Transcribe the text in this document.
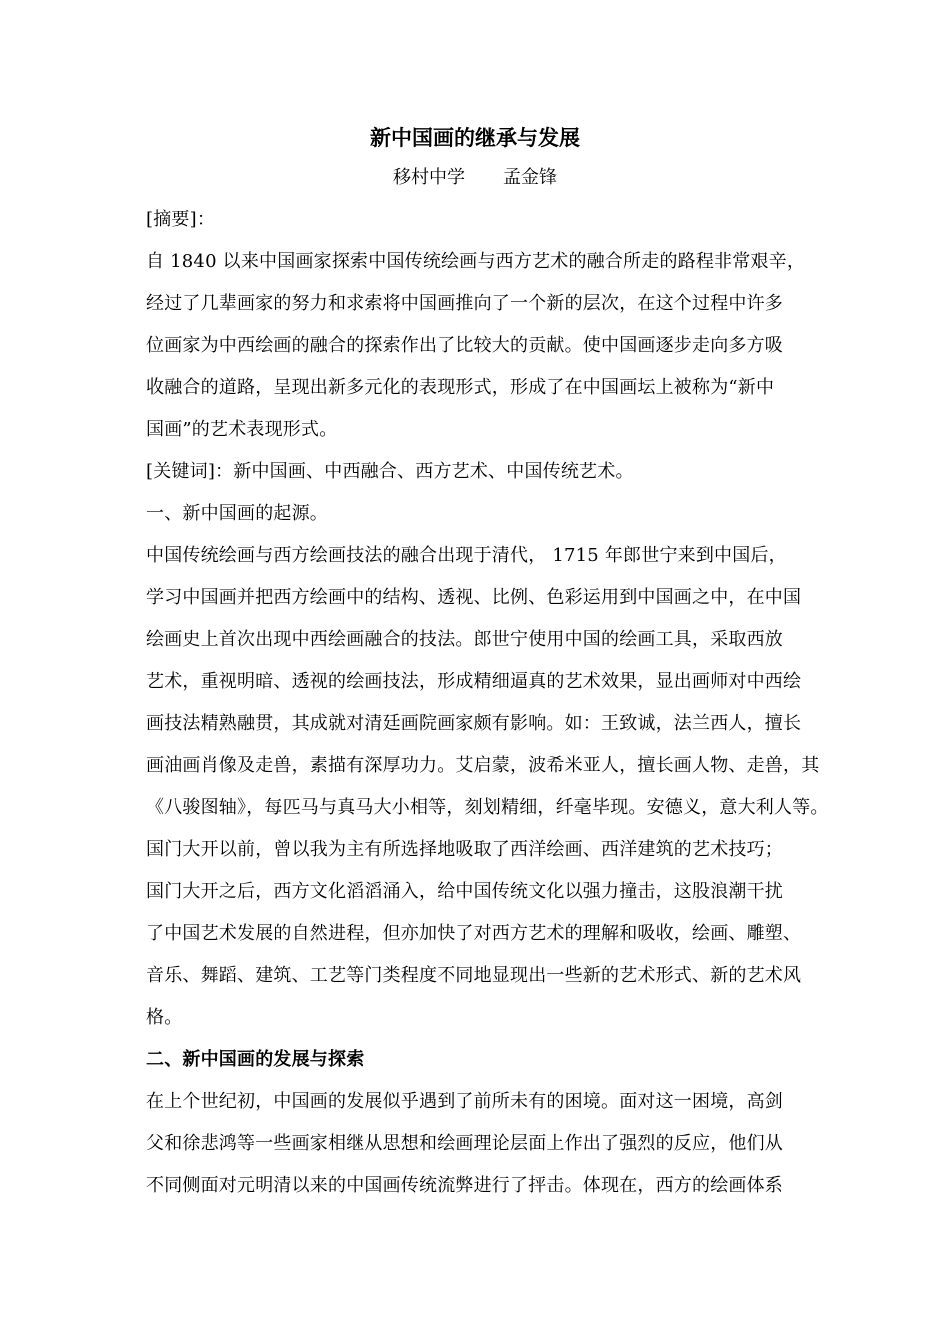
新中国画的继承与发展
移村中学 孟金锋
[摘要]：
自 1840 以来中国画家探索中国传统绘画与西方艺术的融合所走的路程非常艰辛，
经过了几辈画家的努力和求索将中国画推向了一个新的层次，在这个过程中许多
位画家为中西绘画的融合的探索作出了比较大的贡献。使中国画逐步走向多方吸
收融合的道路，呈现出新多元化的表现形式，形成了在中国画坛上被称为“新中
国画”的艺术表现形式。
[关键词]：新中国画、中西融合、西方艺术、中国传统艺术。
一、新中国画的起源。
中国传统绘画与西方绘画技法的融合出现于清代， 1715 年郎世宁来到中国后，
学习中国画并把西方绘画中的结构、透视、比例、色彩运用到中国画之中，在中国
绘画史上首次出现中西绘画融合的技法。郎世宁使用中国的绘画工具，采取西放
艺术，重视明暗、透视的绘画技法，形成精细逼真的艺术效果，显出画师对中西绘
画技法精熟融贯，其成就对清廷画院画家颇有影响。如：王致诚，法兰西人，擅长
画油画肖像及走兽，素描有深厚功力。艾启蒙，波希米亚人，擅长画人物、走兽，其
《八骏图轴》，每匹马与真马大小相等，刻划精细，纤毫毕现。安德义，意大利人等。
国门大开以前，曾以我为主有所选择地吸取了西洋绘画、西洋建筑的艺术技巧；
国门大开之后，西方文化滔滔涌入，给中国传统文化以强力撞击，这股浪潮干扰
了中国艺术发展的自然进程，但亦加快了对西方艺术的理解和吸收，绘画、雕塑、
音乐、舞蹈、建筑、工艺等门类程度不同地显现出一些新的艺术形式、新的艺术风
格。
二、新中国画的发展与探索
在上个世纪初，中国画的发展似乎遇到了前所未有的困境。面对这一困境，高剑
父和徐悲鸿等一些画家相继从思想和绘画理论层面上作出了强烈的反应，他们从
不同侧面对元明清以来的中国画传统流弊进行了抨击。体现在，西方的绘画体系
